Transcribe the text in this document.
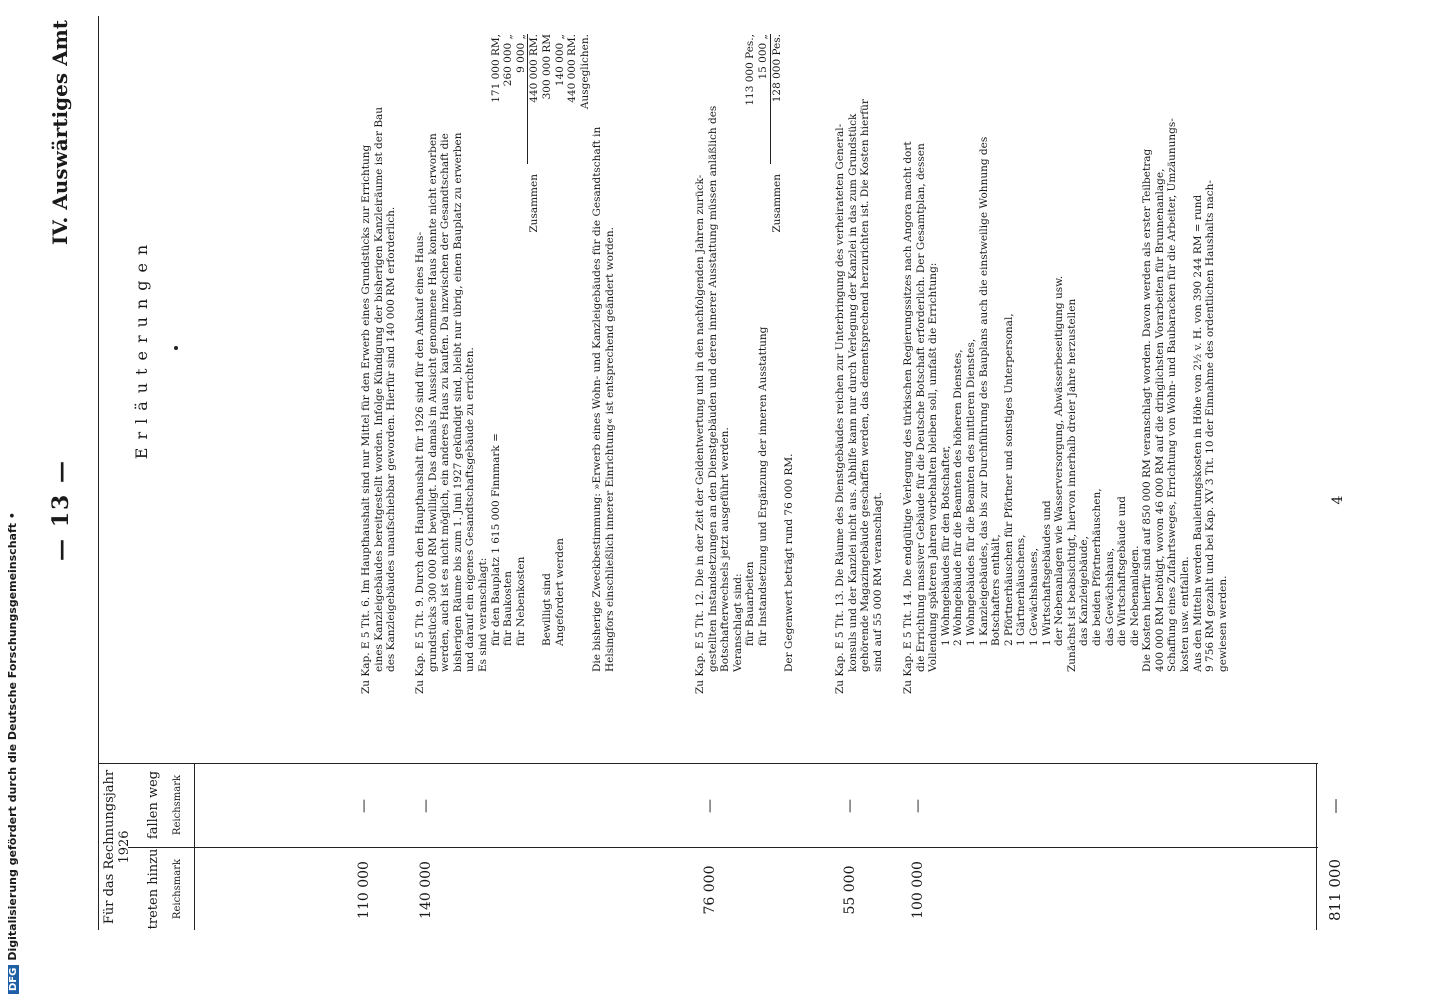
DFGDigitalisierung gefördert durch die Deutsche Forschungsgemeinschaft •
— 13 —
IV. Auswärtiges Amt
Für das Rechnungsjahr 1926
treten hinzu Reichsmark
fallen weg Reichsmark
Erläuterungen
110 000
—
140 000
—
76 000
—
55 000
—
100 000
—
811 000
—
Zu Kap. E 5 Tit. 6. Im Haupthaushalt sind nur Mittel für den Erwerb eines Grundstücks zur Errichtung eines Kanzleigebäudes bereitgestellt worden. Infolge Kündigung der bisherigen Kanzleiräume ist der Bau des Kanzleigebäudes unaufschiebbar geworden. Hierfür sind 140 000 RM erforderlich. Zu Kap. E 5 Tit. 9. Durch den Haupthaushalt für 1926 sind für den Ankauf eines Haus- grundstücks 300 000 RM bewilligt. Das damals in Aussicht genommene Haus konnte nicht erworben werden, auch ist es nicht möglich, ein anderes Haus zu kaufen. Da inzwischen der Gesandtschaft die bisherigen Räume bis zum 1. Juni 1927 gekündigt sind, bleibt nur übrig, einen Bauplatz zu erwerben und darauf ein eigenes Gesandtschaftsgebäude zu errichten. Es sind veranschlagt: für den Bauplatz 1 615 000 Finnmark =
171 000 RM,
für Baukosten
260 000 „
für Nebenkosten
9 000 „
Zusammen
440 000 RM.
Bewilligt sind
300 000 RM
Angefordert werden
140 000 „ 440 000 RM. Ausgeglichen.
Die bisherige Zweckbestimmung: »Erwerb eines Wohn- und Kanzleigebäudes für die Gesandtschaft in Helsingfors einschließlich innerer Einrichtung« ist entsprechend geändert worden.	Zu Kap. E 5 Tit. 12. Die in der Zeit der Geldentwertung und in den nachfolgenden Jahren zurück- gestellten Instandsetzungen an den Dienstgebäuden und deren innerer Ausstattung müssen anläßlich des Botschafterwechsels jetzt ausgeführt werden. Veranschlagt sind: für Bauarbeiten
113 000 Pes.,
für Instandsetzung und Ergänzung der inneren Ausstattung
15 000 „
Zusammen
128 000 Pes.
Der Gegenwert beträgt rund 76 000 RM.	Zu Kap. E 5 Tit. 13. Die Räume des Dienstgebäudes reichen zur Unterbringung des verheirateten General- konsuls und der Kanzlei nicht aus. Abhilfe kann nur durch Verlegung der Kanzlei in das zum Grundstück gehörende Magazingebäude geschaffen werden, das dementsprechend herzurichten ist. Die Kosten hierfür sind auf 55 000 RM veranschlagt. Zu Kap. E 5 Tit. 14. Die endgültige Verlegung des türkischen Regierungssitzes nach Angora macht dort die Errichtung massiver Gebäude für die Deutsche Botschaft erforderlich. Der Gesamtplan, dessen Vollendung späteren Jahren vorbehalten bleiben soll, umfaßt die Errichtung: 1 Wohngebäudes für den Botschafter, 2 Wohngebäude für die Beamten des höheren Dienstes, 1 Wohngebäudes für die Beamten des mittleren Dienstes, 1 Kanzleigebäudes, das bis zur Durchführung des Bauplans auch die einstweilige Wohnung des Botschafters enthält, 2 Pförtnerhäuschen für Pförtner und sonstiges Unterpersonal, 1 Gärtnerhäuschens, 1 Gewächshauses, 1 Wirtschaftsgebäudes und der Nebenanlagen wie Wasserversorgung, Abwässerbeseitigung usw. Zunächst ist beabsichtigt, hiervon innerhalb dreier Jahre herzustellen das Kanzleigebäude, die beiden Pförtnerhäuschen, das Gewächshaus, die Wirtschaftsgebäude und die Nebenanlagen. Die Kosten hierfür sind auf 850 000 RM veranschlagt worden. Davon werden als erster Teilbetrag 400 000 RM benötigt, wovon 46 000 RM auf die dringlichsten Vorarbeiten für Brunnenanlage, Schaffung eines Zufahrtsweges, Errichtung von Wohn- und Baubaracken für die Arbeiter, Umzäunungs- kosten usw. entfallen. Aus den Mitteln werden Bauleitungskosten in Höhe von 2½ v. H. von 390 244 RM = rund 9 756 RM gezahlt und bei Kap. XV 3 Tit. 10 der Einnahme des ordentlichen Haushalts nach- gewiesen werden.
4
